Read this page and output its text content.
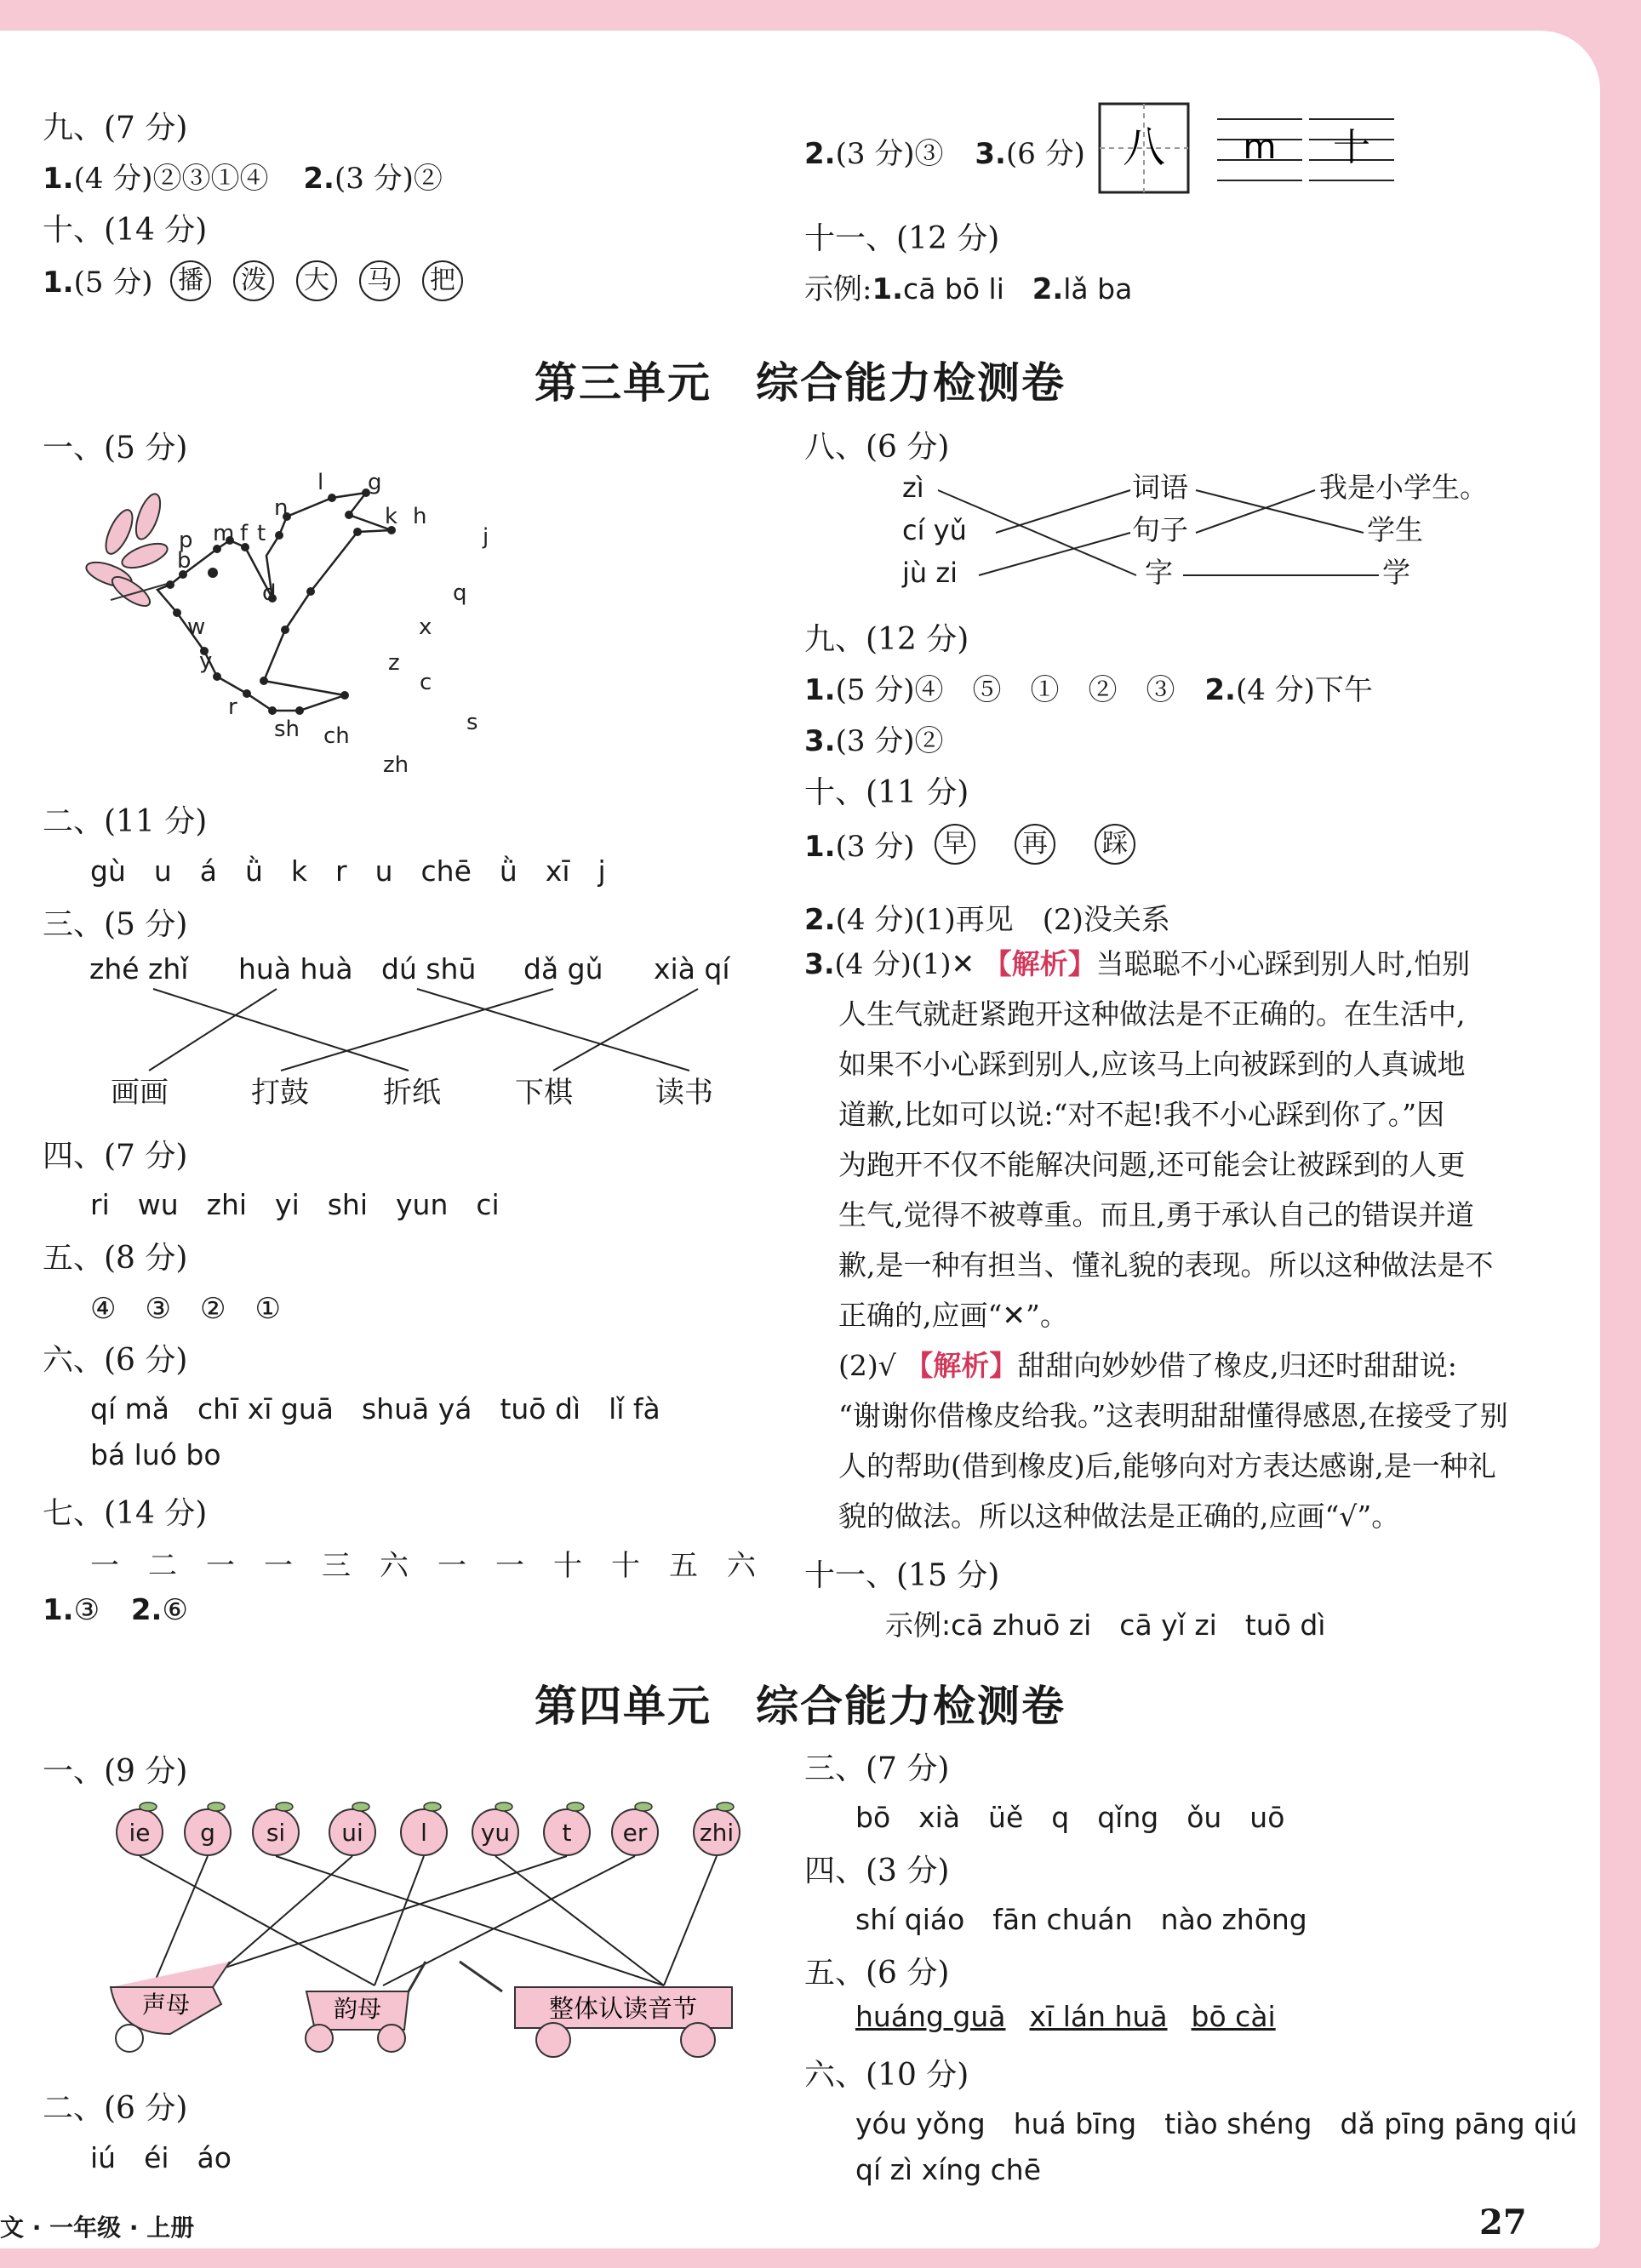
九、(7 分)
1.(4 分)②③①④ 2.(3 分)②
十、(14 分)
1.(5 分) 播 泼 大 马 把
2.(3 分)③ 3.(6 分) 八 m 十
十一、(12 分)
示例:1.cā bō li 2.lǎ ba
第三单元　综合能力检测卷
一、(5 分)
l g
n	k h
j
b
m f t
p
d	q
w	x
y	z
c
r
sh ch
s
zh
二、(11 分)
gù　u　á　ǜ　k　r　u　chē　ǜ　xī　j
三、(5 分)
zhé zhǐ huà huà dú shū dǎ gǔ xià qí
画画	打鼓	折纸	下棋	读书
四、(7 分)
ri　wu　zhi　yi　shi　yun　ci
五、(8 分)
④　③　②　①
六、(6 分)
qí mǎ　chī xī guā　shuā yá　tuō dì　lǐ fà
bá luó bo
七、(14 分)
一　二　一　一　三　六　一　一　十　十　五　六
1.③ 2.⑥
八、(6 分)
zì
cí yǔ
jù zi
词语
句子
字
我是小学生。
学生
学
九、(12 分)
1.(5 分)④　⑤　①　②　③ 2.(4 分)下午
3.(3 分)②
十、(11 分)
1.(3 分)	早 再 踩
2.(4 分)(1)再见　(2)没关系
3.(4 分)(1)✕ 【解析】当聪聪不小心踩到别人时,怕别
人生气就赶紧跑开这种做法是不正确的。在生活中,
如果不小心踩到别人,应该马上向被踩到的人真诚地
道歉,比如可以说:“对不起!我不小心踩到你了。”因
为跑开不仅不能解决问题,还可能会让被踩到的人更
生气,觉得不被尊重。而且,勇于承认自己的错误并道
歉,是一种有担当、懂礼貌的表现。所以这种做法是不
正确的,应画“✕”。
(2)√ 【解析】甜甜向妙妙借了橡皮,归还时甜甜说:
“谢谢你借橡皮给我。”这表明甜甜懂得感恩,在接受了别
人的帮助(借到橡皮)后,能够向对方表达感谢,是一种礼
貌的做法。所以这种做法是正确的,应画“√”。
十一、(15 分)
示例:cā zhuō zi　cā yǐ zi　tuō dì
第四单元　综合能力检测卷
一、(9 分)
ie g si ui l yu t er zhi
声母	韵母	整体认读音节
二、(6 分)
iú　éi　áo
三、(7 分)
bō　xià　üě　q　qǐng　ǒu　uō
四、(3 分)
shí qiáo　fān chuán　nào zhōng
五、(6 分)
huáng guā xī lán huā bō cài
六、(10 分)
yóu yǒng　huá bīng　tiào shéng　dǎ pīng pāng qiú
qí zì xíng chē
文 · 一年级 · 上册	27
